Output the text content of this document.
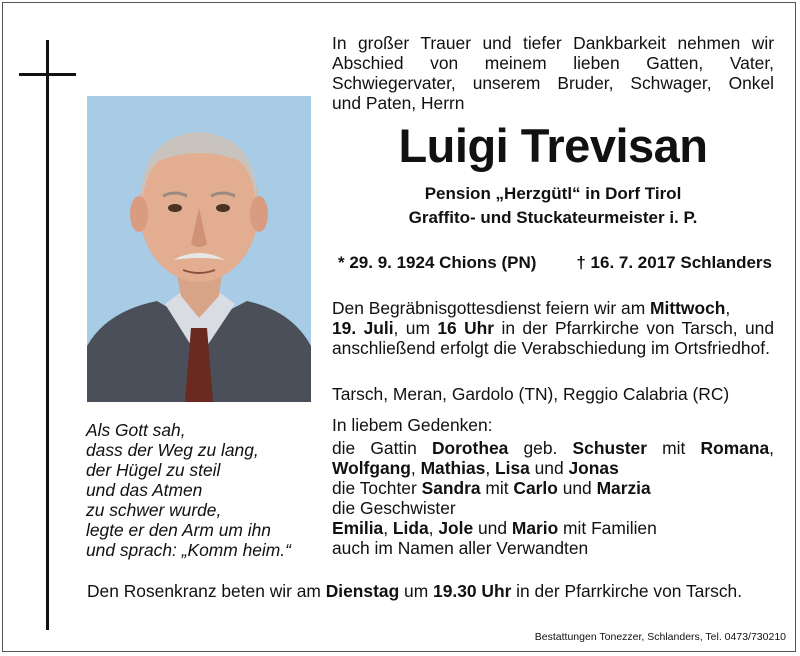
In großer Trauer und tiefer Dankbarkeit nehmen wir
Abschied von meinem lieben Gatten, Vater,
Schwiegervater, unserem Bruder, Schwager, Onkel
und Paten, Herrn
Luigi Trevisan
Pension „Herzgütl“ in Dorf Tirol
Graffito- und Stuckateurmeister i. P.
* 29. 9. 1924 Chions (PN) † 16. 7. 2017 Schlanders
Den Begräbnisgottesdienst feiern wir am Mittwoch,
19. Juli, um 16 Uhr in der Pfarrkirche von Tarsch, und anschließend erfolgt die Verabschiedung im Ortsfriedhof.
Tarsch, Meran, Gardolo (TN), Reggio Calabria (RC)
In liebem Gedenken:
die Gattin Dorothea geb. Schuster mit Romana,
Wolfgang, Mathias, Lisa und Jonas
die Tochter Sandra mit Carlo und Marzia
die Geschwister
Emilia, Lida, Jole und Mario mit Familien
auch im Namen aller Verwandten
Als Gott sah,
dass der Weg zu lang,
der Hügel zu steil
und das Atmen
zu schwer wurde,
legte er den Arm um ihn
und sprach: „Komm heim.“
Den Rosenkranz beten wir am Dienstag um 19.30 Uhr in der Pfarrkirche von Tarsch.
Bestattungen Tonezzer, Schlanders, Tel. 0473/730210
